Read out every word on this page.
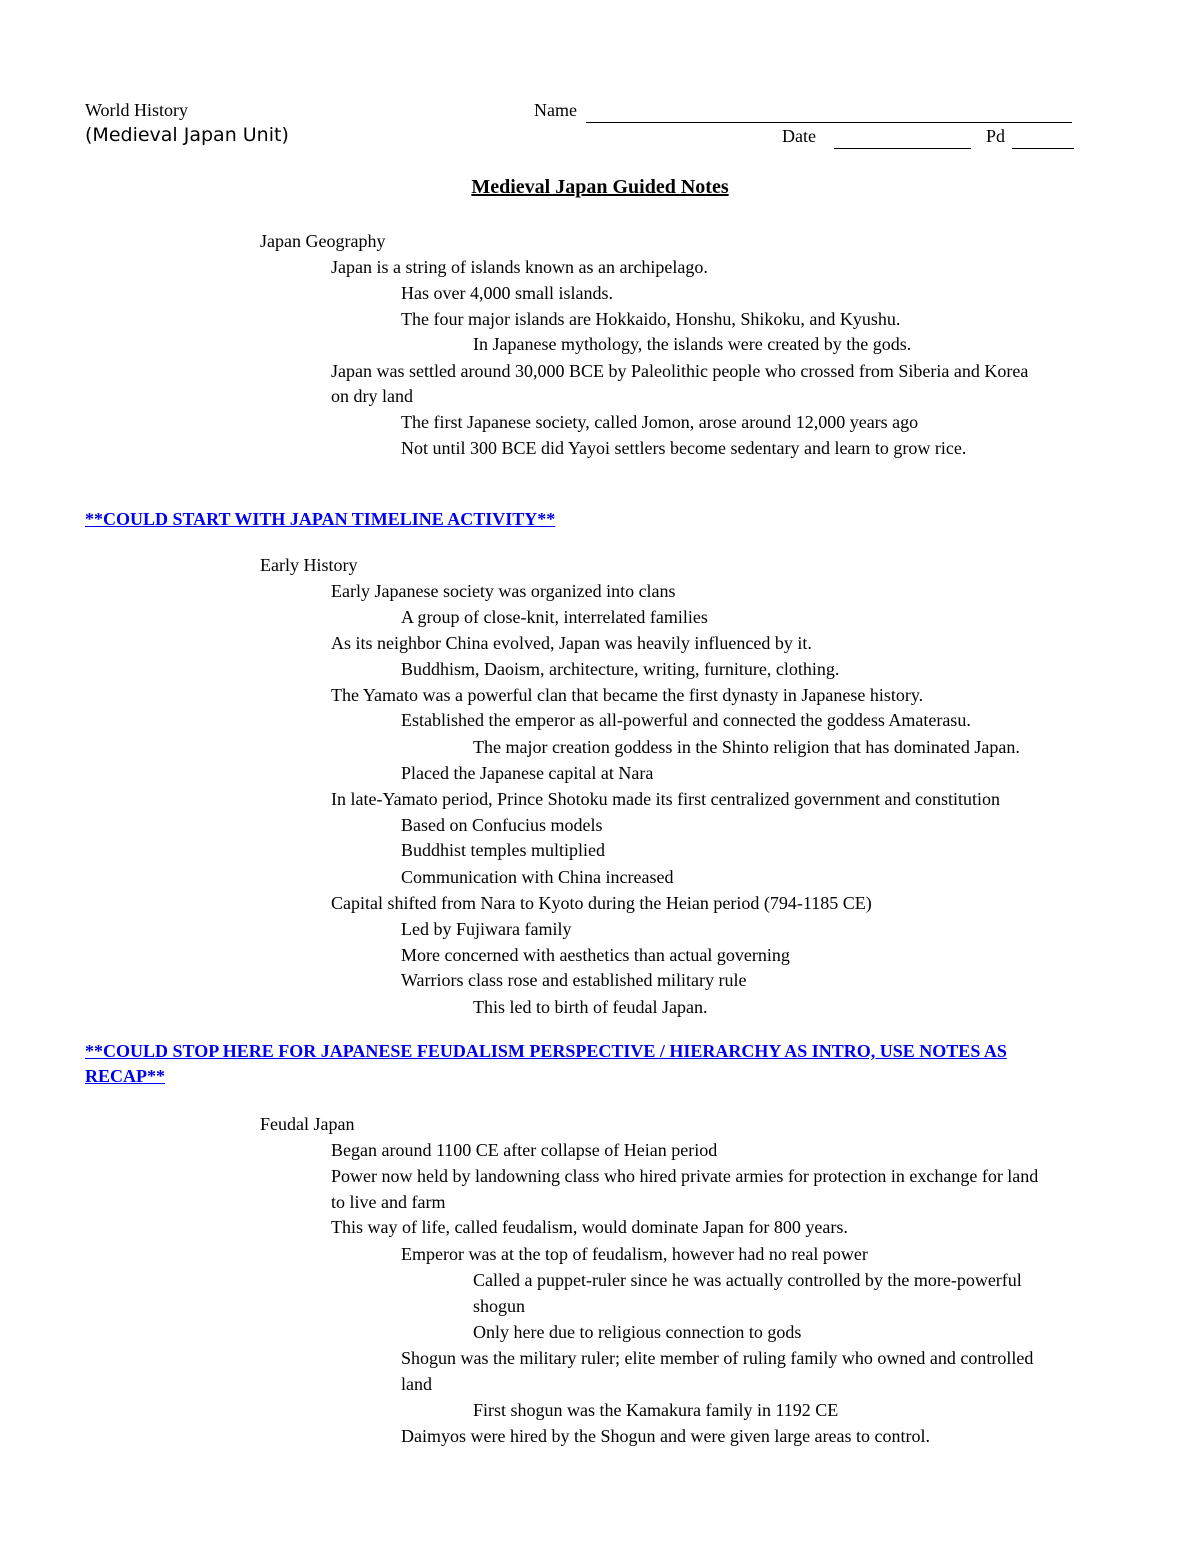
World History
(Medieval Japan Unit)
Name
Date	Pd
Medieval Japan Guided Notes
Japan Geography
Japan is a string of islands known as an archipelago.
Has over 4,000 small islands.
The four major islands are Hokkaido, Honshu, Shikoku, and Kyushu.
In Japanese mythology, the islands were created by the gods.
Japan was settled around 30,000 BCE by Paleolithic people who crossed from Siberia and Korea
on dry land
The first Japanese society, called Jomon, arose around 12,000 years ago
Not until 300 BCE did Yayoi settlers become sedentary and learn to grow rice.
**COULD START WITH JAPAN TIMELINE ACTIVITY**
Early History
Early Japanese society was organized into clans
A group of close-knit, interrelated families
As its neighbor China evolved, Japan was heavily influenced by it.
Buddhism, Daoism, architecture, writing, furniture, clothing.
The Yamato was a powerful clan that became the first dynasty in Japanese history.
Established the emperor as all-powerful and connected the goddess Amaterasu.
The major creation goddess in the Shinto religion that has dominated Japan.
Placed the Japanese capital at Nara
In late-Yamato period, Prince Shotoku made its first centralized government and constitution
Based on Confucius models
Buddhist temples multiplied
Communication with China increased
Capital shifted from Nara to Kyoto during the Heian period (794-1185 CE)
Led by Fujiwara family
More concerned with aesthetics than actual governing
Warriors class rose and established military rule
This led to birth of feudal Japan.
**COULD STOP HERE FOR JAPANESE FEUDALISM PERSPECTIVE / HIERARCHY AS INTRO, USE NOTES AS
RECAP**
Feudal Japan
Began around 1100 CE after collapse of Heian period
Power now held by landowning class who hired private armies for protection in exchange for land
to live and farm
This way of life, called feudalism, would dominate Japan for 800 years.
Emperor was at the top of feudalism, however had no real power
Called a puppet-ruler since he was actually controlled by the more-powerful
shogun
Only here due to religious connection to gods
Shogun was the military ruler; elite member of ruling family who owned and controlled
land
First shogun was the Kamakura family in 1192 CE
Daimyos were hired by the Shogun and were given large areas to control.
